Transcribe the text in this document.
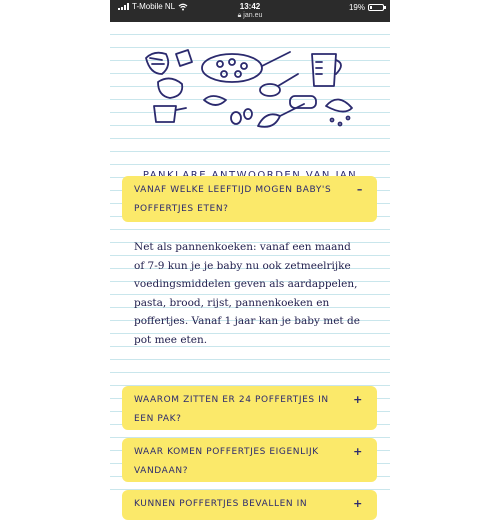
T-Mobile NL	13:42
🔒︎ jan.eu
19%
VANAF WELKE LEEFTIJD MOGEN BABY'S POFFERTJES ETEN?
–
Net als pannenkoeken: vanaf een maand of 7-9 kun je je baby nu ook zetmeelrijke voedingsmiddelen geven als aardappelen, pasta, brood, rijst, pannenkoeken en poffertjes. Vanaf 1 jaar kan je baby met de pot mee eten.
WAAROM ZITTEN ER 24 POFFERTJES IN EEN PAK?
+
WAAR KOMEN POFFERTJES EIGENLIJK VANDAAN?
+
KUNNEN POFFERTJES BEVALLEN IN	+
